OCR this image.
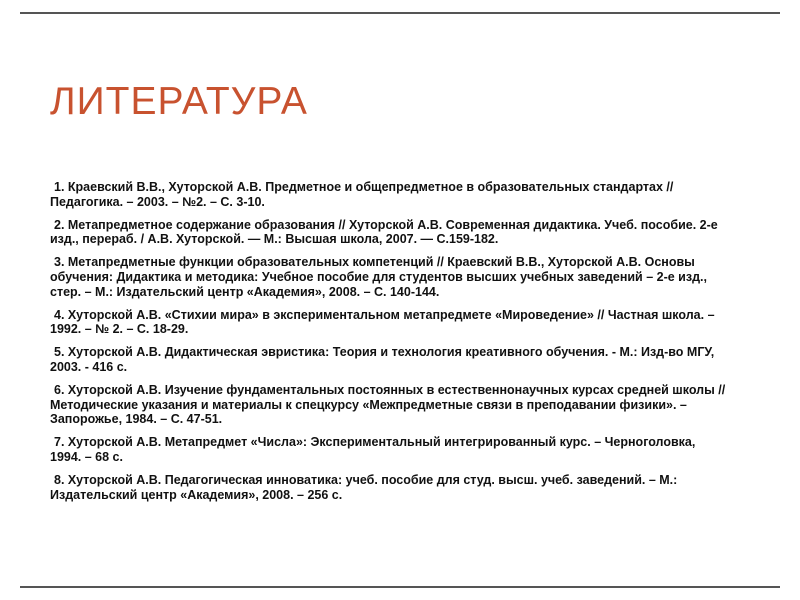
ЛИТЕРАТУРА
1. Краевский В.В., Хуторской А.В. Предметное и общепредметное в образовательных стандартах // Педагогика. – 2003. – №2. – С. 3-10.
2. Метапредметное содержание образования // Хуторской А.В. Современная дидактика. Учеб. пособие. 2-е изд., перераб. / А.В. Хуторской. — М.: Высшая школа, 2007. — С.159-182.
3. Метапредметные функции образовательных компетенций // Краевский В.В., Хуторской А.В. Основы обучения: Дидактика и методика: Учебное пособие для студентов высших учебных заведений – 2-е изд., стер. – М.: Издательский центр «Академия», 2008. – С. 140-144.
4. Хуторской А.В. «Стихии мира» в экспериментальном метапредмете «Мироведение» // Частная школа. – 1992. – № 2. – С. 18-29.
5. Хуторской А.В. Дидактическая эвристика: Теория и технология креативного обучения. - М.: Изд-во МГУ, 2003. - 416 с.
6. Хуторской А.В. Изучение фундаментальных постоянных в естественнонаучных курсах средней школы // Методические указания и материалы к спецкурсу «Межпредметные связи в преподавании физики». – Запорожье, 1984. – С. 47-51.
7. Хуторской А.В. Метапредмет «Числа»: Экспериментальный интегрированный курс. – Черноголовка, 1994. – 68 с.
8. Хуторской А.В. Педагогическая инноватика: учеб. пособие для студ. высш. учеб. заведений. – М.: Издательский центр «Академия», 2008. – 256 с.
